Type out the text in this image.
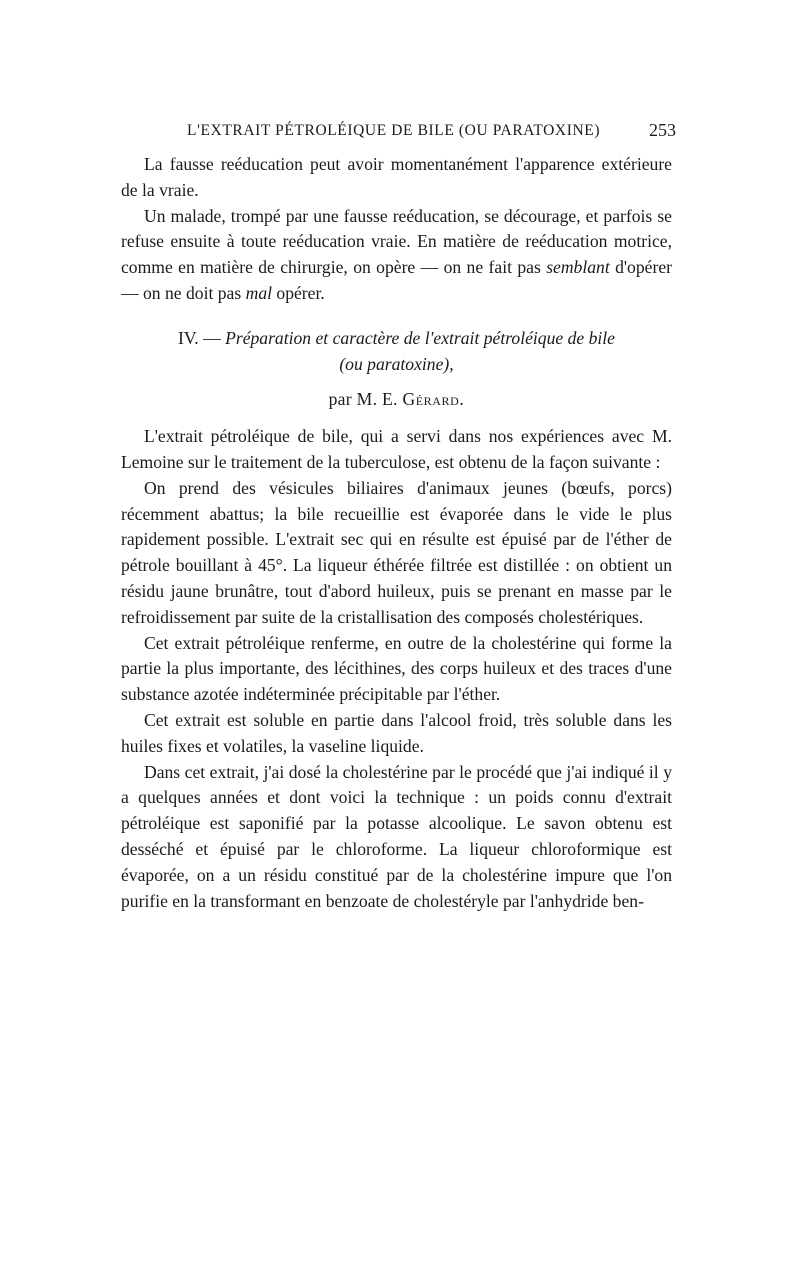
L'EXTRAIT PÉTROLÉIQUE DE BILE (OU PARATOXINE)	253

La fausse reéducation peut avoir momentanément l'apparence extérieure de la vraie.

Un malade, trompé par une fausse reéducation, se décourage, et parfois se refuse ensuite à toute reéducation vraie. En matière de reéducation motrice, comme en matière de chirurgie, on opère — on ne fait pas semblant d'opérer — on ne doit pas mal opérer.

IV. — Préparation et caractère de l'extrait pétroléique de bile
(ou paratoxine),
par M. E. Gérard.

L'extrait pétroléique de bile, qui a servi dans nos expériences avec M. Lemoine sur le traitement de la tuberculose, est obtenu de la façon suivante :

On prend des vésicules biliaires d'animaux jeunes (bœufs, porcs) récemment abattus; la bile recueillie est évaporée dans le vide le plus rapidement possible. L'extrait sec qui en résulte est épuisé par de l'éther de pétrole bouillant à 45°. La liqueur éthérée filtrée est distillée : on obtient un résidu jaune brunâtre, tout d'abord huileux, puis se prenant en masse par le refroidissement par suite de la cristallisation des composés cholestériques.

Cet extrait pétroléique renferme, en outre de la cholestérine qui forme la partie la plus importante, des lécithines, des corps huileux et des traces d'une substance azotée indéterminée précipitable par l'éther.

Cet extrait est soluble en partie dans l'alcool froid, très soluble dans les huiles fixes et volatiles, la vaseline liquide.

Dans cet extrait, j'ai dosé la cholestérine par le procédé que j'ai indiqué il y a quelques années et dont voici la technique : un poids connu d'extrait pétroléique est saponifié par la potasse alcoolique. Le savon obtenu est desséché et épuisé par le chloroforme. La liqueur chloroformique est évaporée, on a un résidu constitué par de la cholestérine impure que l'on purifie en la transformant en benzoate de cholestéryle par l'anhydride ben-
